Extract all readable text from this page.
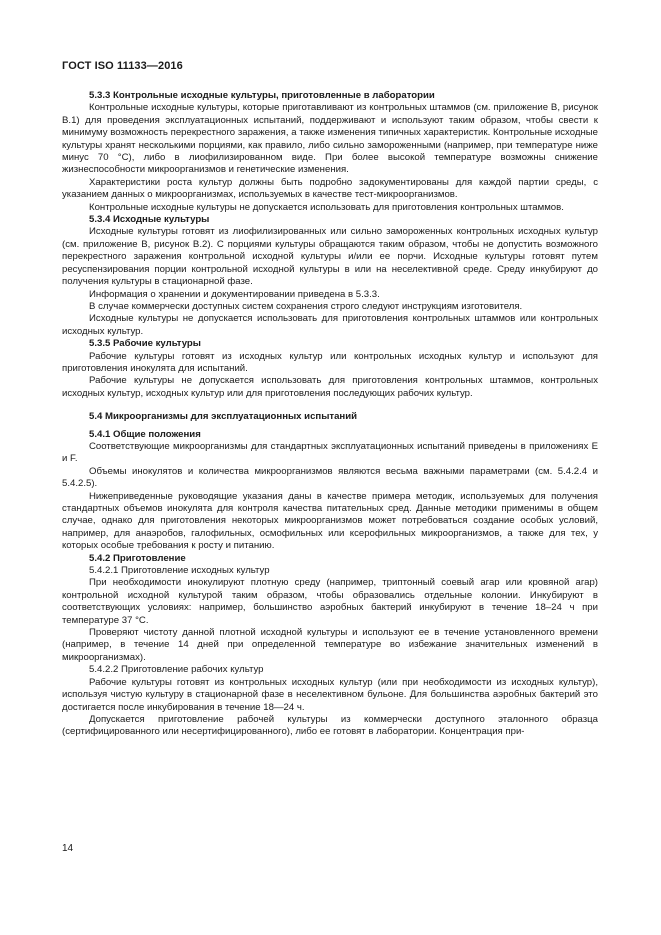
ГОСТ ISO 11133—2016

5.3.3 Контрольные исходные культуры, приготовленные в лаборатории

Контрольные исходные культуры, которые приготавливают из контрольных штаммов (см. приложение B, рисунок B.1) для проведения эксплуатационных испытаний, поддерживают и используют таким образом, чтобы свести к минимуму возможность перекрестного заражения, а также изменения типичных характеристик. Контрольные исходные культуры хранят несколькими порциями, как правило, либо сильно замороженными (например, при температуре ниже минус 70 °С), либо в лиофилизированном виде. При более высокой температуре возможны снижение жизнеспособности микроорганизмов и генетические изменения.

Характеристики роста культур должны быть подробно задокументированы для каждой партии среды, с указанием данных о микроорганизмах, используемых в качестве тест-микроорганизмов.

Контрольные исходные культуры не допускается использовать для приготовления контрольных штаммов.

5.3.4 Исходные культуры

Исходные культуры готовят из лиофилизированных или сильно замороженных контрольных исходных культур (см. приложение B, рисунок B.2). С порциями культуры обращаются таким образом, чтобы не допустить возможного перекрестного заражения контрольной исходной культуры и/или ее порчи. Исходные культуры готовят путем ресуспензирования порции контрольной исходной культуры в или на неселективной среде. Среду инкубируют до получения культуры в стационарной фазе.

Информация о хранении и документировании приведена в 5.3.3.

В случае коммерчески доступных систем сохранения строго следуют инструкциям изготовителя.

Исходные культуры не допускается использовать для приготовления контрольных штаммов или контрольных исходных культур.

5.3.5 Рабочие культуры

Рабочие культуры готовят из исходных культур или контрольных исходных культур и используют для приготовления инокулята для испытаний.

Рабочие культуры не допускается использовать для приготовления контрольных штаммов, контрольных исходных культур, исходных культур или для приготовления последующих рабочих культур.

5.4 Микроорганизмы для эксплуатационных испытаний

5.4.1 Общие положения

Соответствующие микроорганизмы для стандартных эксплуатационных испытаний приведены в приложениях E и F.

Объемы инокулятов и количества микроорганизмов являются весьма важными параметрами (см. 5.4.2.4 и 5.4.2.5).

Нижеприведенные руководящие указания даны в качестве примера методик, используемых для получения стандартных объемов инокулята для контроля качества питательных сред. Данные методики применимы в общем случае, однако для приготовления некоторых микроорганизмов может потребоваться создание особых условий, например, для анаэробов, галофильных, осмофильных или ксерофильных микроорганизмов, а также для тех, у которых особые требования к росту и питанию.

5.4.2 Приготовление

5.4.2.1 Приготовление исходных культур

При необходимости инокулируют плотную среду (например, триптонный соевый агар или кровяной агар) контрольной исходной культурой таким образом, чтобы образовались отдельные колонии. Инкубируют в соответствующих условиях: например, большинство аэробных бактерий инкубируют в течение 18–24 ч при температуре 37 °С.

Проверяют чистоту данной плотной исходной культуры и используют ее в течение установленного времени (например, в течение 14 дней при определенной температуре во избежание значительных изменений в микроорганизмах).

5.4.2.2 Приготовление рабочих культур

Рабочие культуры готовят из контрольных исходных культур (или при необходимости из исходных культур), используя чистую культуру в стационарной фазе в неселективном бульоне. Для большинства аэробных бактерий это достигается после инкубирования в течение 18—24 ч.

Допускается приготовление рабочей культуры из коммерчески доступного эталонного образца (сертифицированного или несертифицированного), либо ее готовят в лаборатории. Концентрация при-

14
